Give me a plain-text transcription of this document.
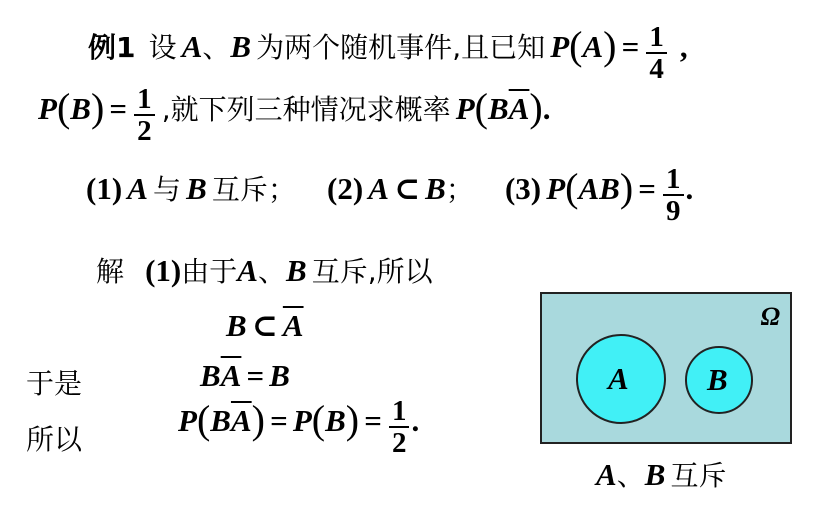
例1 设 A、B 为两个随机事件,且已知 $P(A) = \frac{1}{4}$ ,
$P(B) = \frac{1}{2}$ ,就下列三种情况求概率 $P(B\overline{A})$.
(1) A 与 B 互斥； (2) A ⊂ B； (3) $P(AB) = \frac{1}{9}$ .
解 (1)由于A、B 互斥,所以
B ⊂ $\overline{A}$
于是	$B\overline{A} = B$
所以
$P(B\overline{A}) = P(B) = \frac{1}{2}$ .
Ω
A	B
A、B 互斥
